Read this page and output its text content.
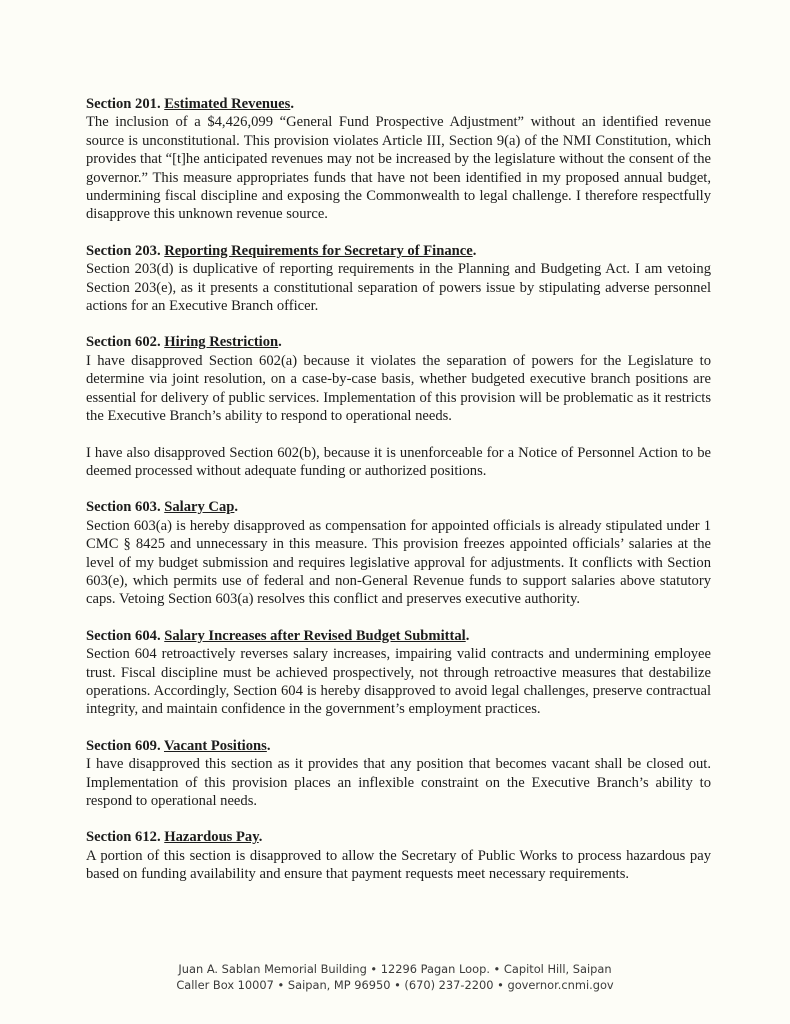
Section 201. Estimated Revenues.

The inclusion of a $4,426,099 “General Fund Prospective Adjustment” without an identified revenue source is unconstitutional. This provision violates Article III, Section 9(a) of the NMI Constitution, which provides that “[t]he anticipated revenues may not be increased by the legislature without the consent of the governor.” This measure appropriates funds that have not been identified in my proposed annual budget, undermining fiscal discipline and exposing the Commonwealth to legal challenge. I therefore respectfully disapprove this unknown revenue source.

Section 203. Reporting Requirements for Secretary of Finance.

Section 203(d) is duplicative of reporting requirements in the Planning and Budgeting Act. I am vetoing Section 203(e), as it presents a constitutional separation of powers issue by stipulating adverse personnel actions for an Executive Branch officer.

Section 602. Hiring Restriction.

I have disapproved Section 602(a) because it violates the separation of powers for the Legislature to determine via joint resolution, on a case-by-case basis, whether budgeted executive branch positions are essential for delivery of public services. Implementation of this provision will be problematic as it restricts the Executive Branch’s ability to respond to operational needs.

I have also disapproved Section 602(b), because it is unenforceable for a Notice of Personnel Action to be deemed processed without adequate funding or authorized positions.

Section 603. Salary Cap.

Section 603(a) is hereby disapproved as compensation for appointed officials is already stipulated under 1 CMC § 8425 and unnecessary in this measure. This provision freezes appointed officials’ salaries at the level of my budget submission and requires legislative approval for adjustments. It conflicts with Section 603(e), which permits use of federal and non-General Revenue funds to support salaries above statutory caps. Vetoing Section 603(a) resolves this conflict and preserves executive authority.

Section 604. Salary Increases after Revised Budget Submittal.

Section 604 retroactively reverses salary increases, impairing valid contracts and undermining employee trust. Fiscal discipline must be achieved prospectively, not through retroactive measures that destabilize operations. Accordingly, Section 604 is hereby disapproved to avoid legal challenges, preserve contractual integrity, and maintain confidence in the government’s employment practices.

Section 609. Vacant Positions.

I have disapproved this section as it provides that any position that becomes vacant shall be closed out. Implementation of this provision places an inflexible constraint on the Executive Branch’s ability to respond to operational needs.

Section 612. Hazardous Pay.

A portion of this section is disapproved to allow the Secretary of Public Works to process hazardous pay based on funding availability and ensure that payment requests meet necessary requirements.

Juan A. Sablan Memorial Building • 12296 Pagan Loop. • Capitol Hill, Saipan
Caller Box 10007 • Saipan, MP 96950 • (670) 237-2200 • governor.cnmi.gov
